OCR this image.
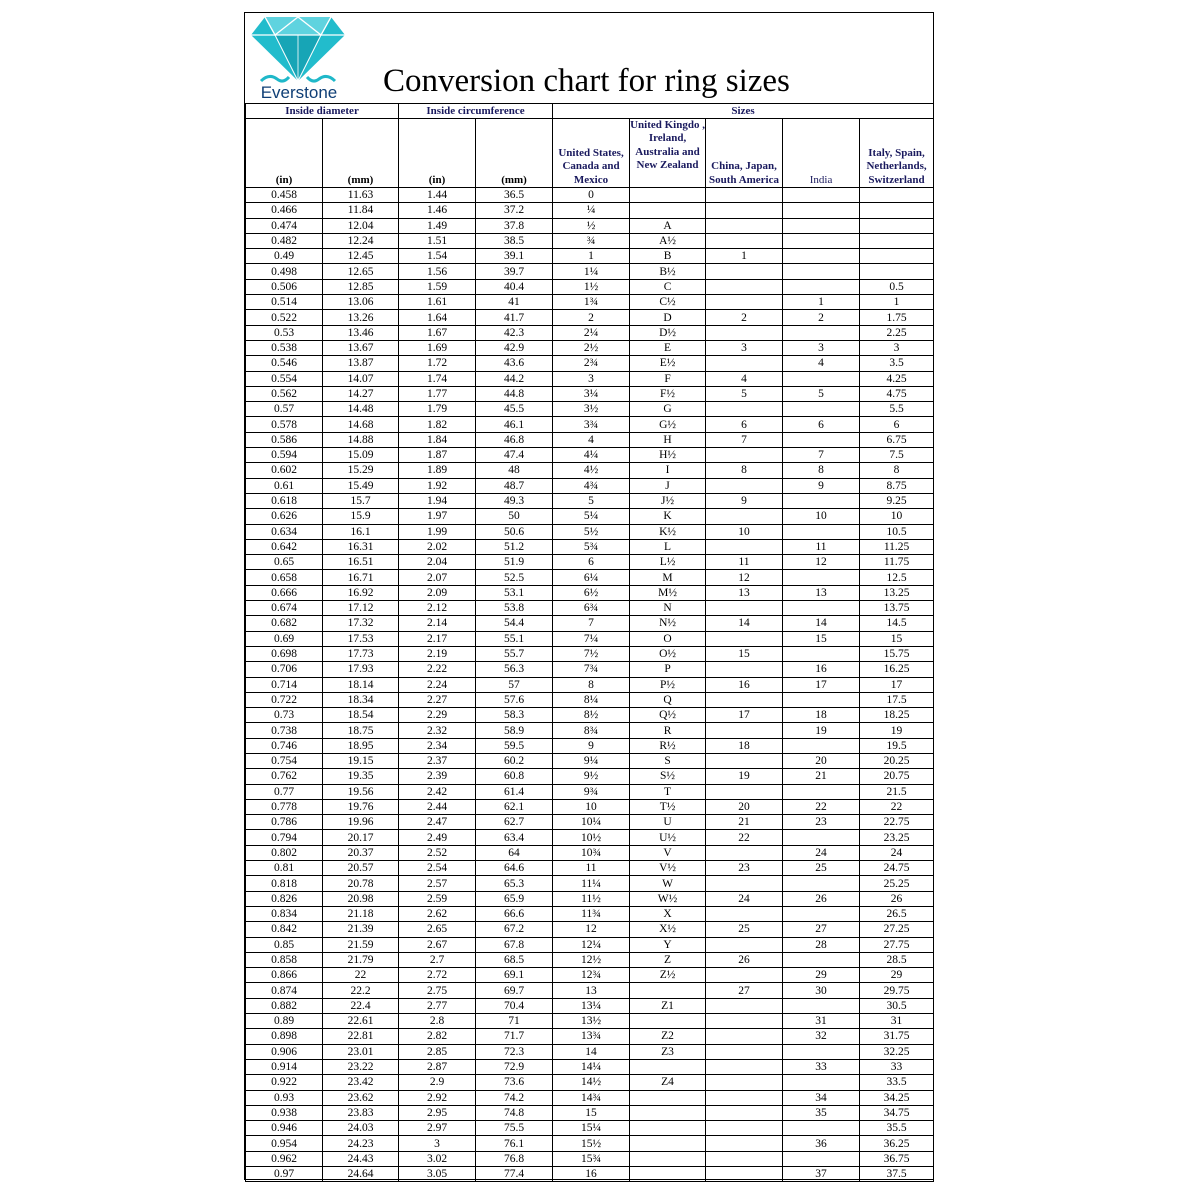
Everstone Conversion chart for ring sizes
Inside diameter		Inside circumference		Sizes				
(in)	(mm)	(in)	(mm)	United States, Canada and Mexico	United Kingdo , Ireland, Australia and New Zealand	China, Japan, South America	India	Italy, Spain, Netherlands, Switzerland
0.458	11.63	1.44	36.5	0				
0.466	11.84	1.46	37.2	¼				
0.474	12.04	1.49	37.8	½	A			
0.482	12.24	1.51	38.5	¾	A½			
0.49	12.45	1.54	39.1	1	B	1		
0.498	12.65	1.56	39.7	1¼	B½			
0.506	12.85	1.59	40.4	1½	C			0.5
0.514	13.06	1.61	41	1¾	C½		1	1
0.522	13.26	1.64	41.7	2	D	2	2	1.75
0.53	13.46	1.67	42.3	2¼	D½			2.25
0.538	13.67	1.69	42.9	2½	E	3	3	3
0.546	13.87	1.72	43.6	2¾	E½		4	3.5
0.554	14.07	1.74	44.2	3	F	4		4.25
0.562	14.27	1.77	44.8	3¼	F½	5	5	4.75
0.57	14.48	1.79	45.5	3½	G			5.5
0.578	14.68	1.82	46.1	3¾	G½	6	6	6
0.586	14.88	1.84	46.8	4	H	7		6.75
0.594	15.09	1.87	47.4	4¼	H½		7	7.5
0.602	15.29	1.89	48	4½	I	8	8	8
0.61	15.49	1.92	48.7	4¾	J		9	8.75
0.618	15.7	1.94	49.3	5	J½	9		9.25
0.626	15.9	1.97	50	5¼	K		10	10
0.634	16.1	1.99	50.6	5½	K½	10		10.5
0.642	16.31	2.02	51.2	5¾	L		11	11.25
0.65	16.51	2.04	51.9	6	L½	11	12	11.75
0.658	16.71	2.07	52.5	6¼	M	12		12.5
0.666	16.92	2.09	53.1	6½	M½	13	13	13.25
0.674	17.12	2.12	53.8	6¾	N			13.75
0.682	17.32	2.14	54.4	7	N½	14	14	14.5
0.69	17.53	2.17	55.1	7¼	O		15	15
0.698	17.73	2.19	55.7	7½	O½	15		15.75
0.706	17.93	2.22	56.3	7¾	P		16	16.25
0.714	18.14	2.24	57	8	P½	16	17	17
0.722	18.34	2.27	57.6	8¼	Q			17.5
0.73	18.54	2.29	58.3	8½	Q½	17	18	18.25
0.738	18.75	2.32	58.9	8¾	R		19	19
0.746	18.95	2.34	59.5	9	R½	18		19.5
0.754	19.15	2.37	60.2	9¼	S		20	20.25
0.762	19.35	2.39	60.8	9½	S½	19	21	20.75
0.77	19.56	2.42	61.4	9¾	T			21.5
0.778	19.76	2.44	62.1	10	T½	20	22	22
0.786	19.96	2.47	62.7	10¼	U	21	23	22.75
0.794	20.17	2.49	63.4	10½	U½	22		23.25
0.802	20.37	2.52	64	10¾	V		24	24
0.81	20.57	2.54	64.6	11	V½	23	25	24.75
0.818	20.78	2.57	65.3	11¼	W			25.25
0.826	20.98	2.59	65.9	11½	W½	24	26	26
0.834	21.18	2.62	66.6	11¾	X			26.5
0.842	21.39	2.65	67.2	12	X½	25	27	27.25
0.85	21.59	2.67	67.8	12¼	Y		28	27.75
0.858	21.79	2.7	68.5	12½	Z	26		28.5
0.866	22	2.72	69.1	12¾	Z½		29	29
0.874	22.2	2.75	69.7	13		27	30	29.75
0.882	22.4	2.77	70.4	13¼	Z1			30.5
0.89	22.61	2.8	71	13½			31	31
0.898	22.81	2.82	71.7	13¾	Z2		32	31.75
0.906	23.01	2.85	72.3	14	Z3			32.25
0.914	23.22	2.87	72.9	14¼			33	33
0.922	23.42	2.9	73.6	14½	Z4			33.5
0.93	23.62	2.92	74.2	14¾			34	34.25
0.938	23.83	2.95	74.8	15			35	34.75
0.946	24.03	2.97	75.5	15¼				35.5
0.954	24.23	3	76.1	15½			36	36.25
0.962	24.43	3.02	76.8	15¾				36.75
0.97	24.64	3.05	77.4	16			37	37.5
